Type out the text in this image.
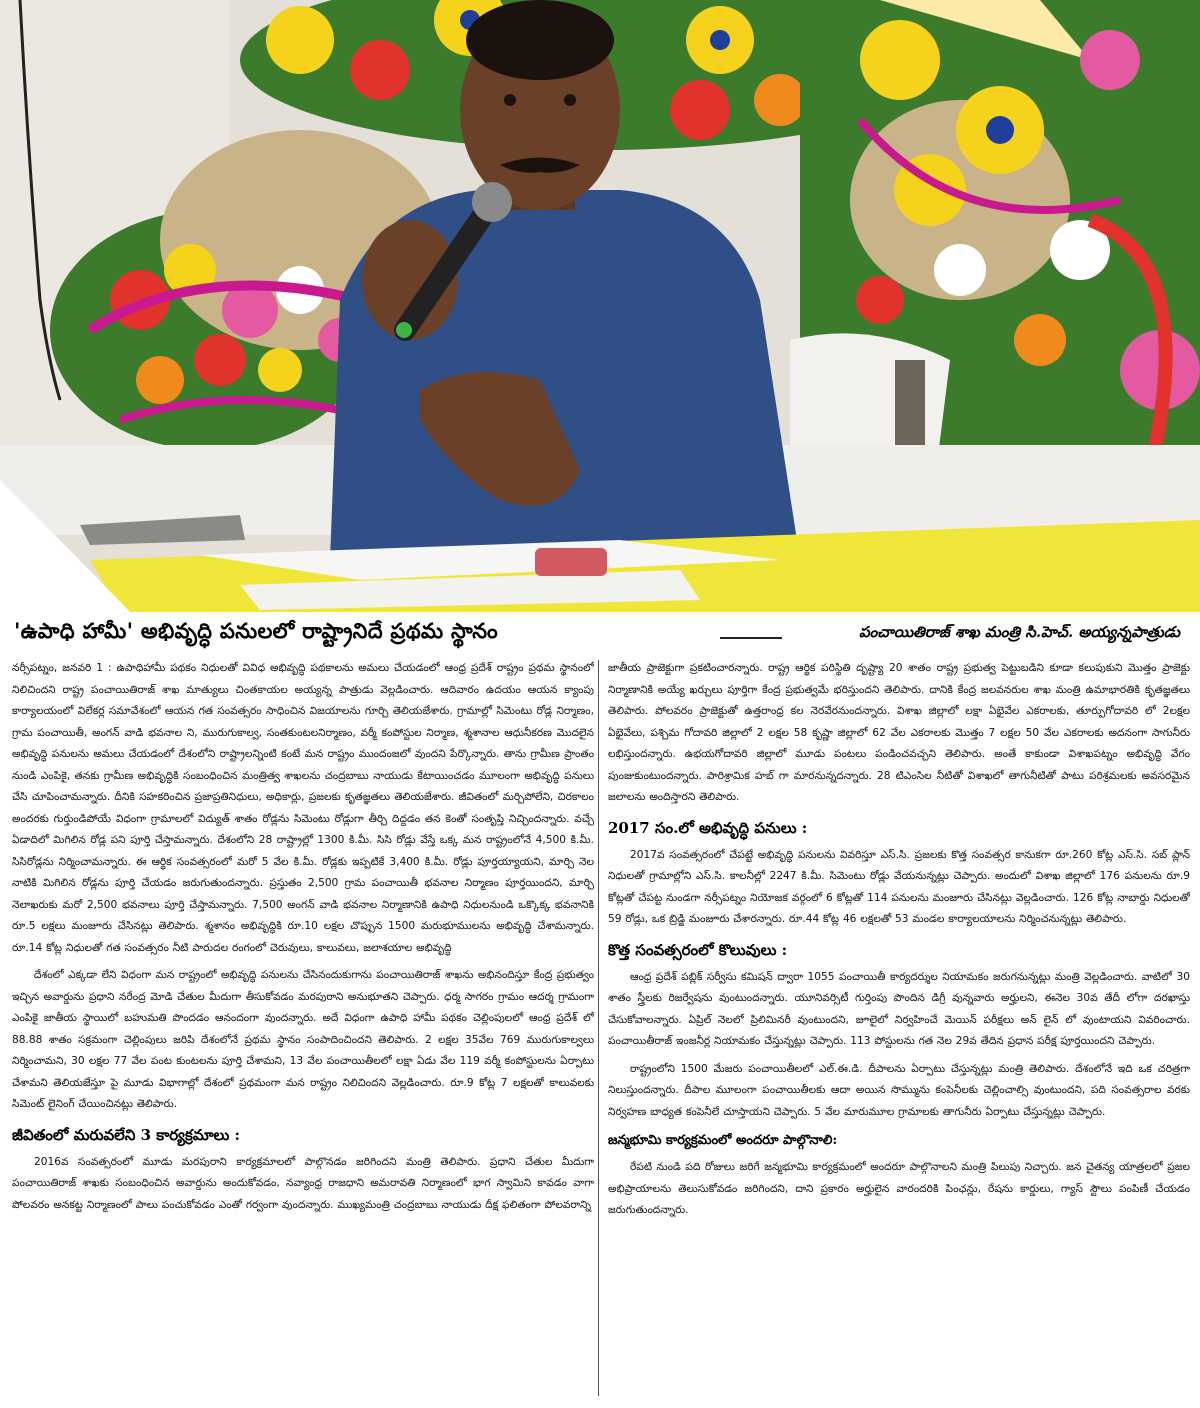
'ఉపాధి హామీ' అభివృద్ధి పనులలో రాష్ట్రానిదే ప్రథమ స్థానం	పంచాయితిరాజ్ శాఖ మంత్రి సి.హెచ్. అయ్యన్నపాత్రుడు

నర్సీపట్నం, జనవరి 1 : ఉపాధిహామీ పథకం నిధులతో వివిధ అభివృద్ధి పథకాలను అమలు చేయడంలో ఆంధ్ర ప్రదేశ్ రాష్ట్రం ప్రథమ స్థానంలో నిలిచిందని రాష్ట్ర పంచాయితిరాజ్ శాఖ మాత్యులు చింతకాయల అయ్యన్న పాత్రుడు వెల్లడించారు. ఆదివారం ఉదయం ఆయన క్యాంపు కార్యాలయంలో విలేకర్ల సమావేశంలో ఆయన గత సంవత్సరం సాధించిన విజయాలను గూర్చి తెలియజేశారు. గ్రామాల్లో సిమెంటు రోడ్ల నిర్మాణం, గ్రామ పంచాయితీ, అంగన్ వాడి భవనాల ని, మురుగుకాల్వ, సంతకుంటలనిర్మాణం, వర్మీ కంపోస్టుల నిర్మాణ, శ్మశానాల ఆధునీకరణ మొదలైన అభివృద్ధి పనులను అమలు చేయడంలో దేశంలోని రాష్ట్రాలన్నింటి కంటే మన రాష్ట్రం ముందంజలో వుందని పేర్కొన్నారు. తాను గ్రామీణ ప్రాంతం నుండి ఎంపికై, తనకు గ్రామీణ అభివృద్ధికి సంబంధించిన మంత్రిత్వ శాఖలను చంద్రబాబు నాయుడు కేటాయించడం మూలంగా అభివృద్ధి పనులు చేసి చూపించామన్నారు. దీనికి సహకరించిన ప్రజాప్రతినిధులు, అధికార్లు, ప్రజలకు కృతజ్ఞతలు తెలియజేశారు. జీవితంలో మర్చిపోలేని, చిరకాలం అందరకు గుర్తుండిపోయే విధంగా గ్రామాలలో విద్యుత్ శాతం రోడ్లను సిమెంటు రోడ్లుగా తీర్చి దిద్దడం తన కెంతో సంతృప్తి నిచ్చిందన్నారు. వచ్చే ఏడాదిలో మిగిలిన రోడ్ల పని పూర్తి చేస్తామన్నారు. దేశంలోని 28 రాష్ట్రాల్లో 1300 కి.మీ. సిసి రోడ్లు వేస్తే ఒక్క మన రాష్ట్రంలోనే 4,500 కి.మీ. సిసిరోడ్లను నిర్మించామన్నారు. ఈ ఆర్థిక సంవత్సరంలో మరో 5 వేల కి.మీ. రోడ్లకు ఇప్పటికే 3,400 కి.మీ. రోడ్లు పూర్తయ్యాయని, మార్చి నెల నాటికి మిగిలిన రోడ్లను పూర్తి చేయడం జరుగుతుందన్నారు. ప్రస్తుతం 2,500 గ్రామ పంచాయితీ భవనాల నిర్మాణం పూర్తయిందని, మార్చి నెలాఖరుకు మరో 2,500 భవనాలు పూర్తి చేస్తామన్నారు. 7,500 అంగన్ వాడి భవనాల నిర్మాణానికి ఉపాధి నిధులనుండి ఒక్కొక్క భవనానికి రూ.5 లక్షలు మంజూరు చేసినట్లు తెలిపారు. శ్మశానం అభివృద్ధికి రూ.10 లక్షల చొప్పున 1500 మరుభూములను అభివృద్ధి చేశామన్నారు. రూ.14 కోట్ల నిధులతో గత సంవత్సరం నీటి పారుదల రంగంలో చెరువులు, కాలువలు, జలాశయాల అభివృద్ధి

దేశంలో ఎక్కడా లేని విధంగా మన రాష్ట్రంలో అభివృద్ధి పనులను చేసినందుకుగాను పంచాయితిరాజ్ శాఖను అభినందిస్తూ కేంద్ర ప్రభుత్వం ఇచ్చిన అవార్డును ప్రధాని నరేంద్ర మోడి చేతుల మీదుగా తీసుకోవడం మరపురాని అనుభూతని చెప్పారు. ధర్మ సాగరం గ్రామం ఆదర్శ గ్రామంగా ఎంపికై జాతీయ స్థాయిలో బహుమతి పొందడం ఆనందంగా వుందన్నారు. అదే విధంగా ఉపాధి హామీ పథకం చెల్లింపులలో ఆంధ్ర ప్రదేశ్ లో 88.88 శాతం సక్రమంగా చెల్లింపులు జరిపి దేశంలోనే ప్రథమ స్థానం సంపాదించిందని తెలిపారు. 2 లక్షల 35వేల 769 మురుగుకాల్వలు నిర్మించామని, 30 లక్షల 77 వేల పంట కుంటలను పూర్తి చేశామని, 13 వేల పంచాయితీలలో లక్షా ఏడు వేల 119 వర్మీ కంపోస్టులను ఏర్పాటు చేశామని తెలియజేస్తూ పై మూడు విభాగాల్లో దేశంలో ప్రథమంగా మన రాష్ట్రం నిలిచిందని వెల్లడించారు. రూ.9 కోట్ల 7 లక్షలతో కాలువలకు సిమెంట్ లైనింగ్ చేయించినట్లు తెలిపారు.

జీవితంలో మరువలేని 3 కార్యక్రమాలు :

2016వ సంవత్సరంలో మూడు మరపురాని కార్యక్రమాలలో పాల్గొనడం జరిగిందని మంత్రి తెలిపారు. ప్రధాని చేతుల మీదుగా పంచాయితిరాజ్ శాఖకు సంబంధించిన అవార్డును అందుకోవడం, నవ్యాంధ్ర రాజధాని అమరావతి నిర్మాణంలో భాగ స్వామిని కావడం వాగా పోలవరం అనకట్ట నిర్మాణంలో పాలు పంచుకోవడం ఎంతో గర్వంగా వుందన్నారు. ముఖ్యమంత్రి చంద్రబాబు నాయుడు దీక్ష ఫలితంగా పోలవరాన్ని

జాతీయ ప్రాజెక్టుగా ప్రకటించారన్నారు. రాష్ట్ర ఆర్థిక పరిస్థితి దృష్ట్యా 20 శాతం రాష్ట్ర ప్రభుత్వ పెట్టుబడిని కూడా కలుపుకుని మొత్తం ప్రాజెక్టు నిర్మాణానికి అయ్యే ఖర్చులు పూర్తిగా కేంద్ర ప్రభుత్వమే భరిస్తుందని తెలిపారు. దానికి కేంద్ర జలవనరుల శాఖ మంత్రి ఉమాభారతికి కృతజ్ఞతలు తెలిపారు. పోలవరం ప్రాజెక్టుతో ఉత్తరాంధ్ర కల నెరవేరనుందన్నారు. విశాఖ జిల్లాలో లక్షా ఏభైవేల ఎకరాలకు, తూర్పుగోదావరి లో 2లక్షల ఏభైవేలు, పశ్చిమ గోదావరి జిల్లాలో 2 లక్షల 58 కృష్ణా జిల్లాలో 62 వేల ఎకరాలకు మొత్తం 7 లక్షల 50 వేల ఎకరాలకు అదనంగా సాగునీరు లభిస్తుందన్నారు. ఉభయగోదావరి జిల్లాలో మూడు పంటలు పండించవచ్చని తెలిపారు. అంతే కాకుండా విశాఖపట్నం అభివృద్ధి వేగం పుంజుకుంటుందన్నారు. పారిశ్రామిక హబ్ గా మారనున్నదన్నారు. 28 టిఎంసిల నీటితో విశాఖలో తాగునీటితో పాటు పరిశ్రమలకు అవసరమైన జలాలను అందిస్తారని తెలిపారు.

2017 సం.లో అభివృద్ధి పనులు :

2017వ సంవత్సరంలో చేపట్టే అభివృద్ధి పనులను వివరిస్తూ ఎస్.సి. ప్రజలకు కొత్త సంవత్సర కానుకగా రూ.260 కోట్ల ఎస్.సి. సబ్ ప్లాన్ నిధులతో గ్రామాల్లోని ఎస్.సి. కాలనీల్లో 2247 కి.మీ. సిమెంటు రోడ్లు వేయనున్నట్లు చెప్పారు. అందులో విశాఖ జిల్లాలో 176 పనులను రూ.9 కోట్లతో చేపట్ట నుండగా నర్సీపట్నం నియోజక వర్గంలో 6 కోట్లతో 114 పనులను మంజూరు చేసినట్లు వెల్లడించారు. 126 కోట్ల నాబార్డు నిధులతో 59 రోడ్లు, ఒక బ్రిడ్జి మంజూరు చేశారన్నారు. రూ.44 కోట్ల 46 లక్షలతో 53 మండల కార్యాలయాలను నిర్మించనున్నట్లు తెలిపారు.

కొత్త సంవత్సరంలో కొలువులు :

ఆంధ్ర ప్రదేశ్ పబ్లిక్ సర్వీసు కమిషన్ ద్వారా 1055 పంచాయితీ కార్యదర్శుల నియామకం జరుగనున్నట్లు మంత్రి వెల్లడించారు. వాటిలో 30 శాతం స్త్రీలకు రిజర్వేషను వుంటుందన్నారు. యూనివర్సిటీ గుర్తింపు పొందిన డిగ్రీ వున్నవారు అర్హులని, ఈనెల 30వ తేదీ లోగా దరఖాస్తు చేసుకోవాలన్నారు. ఏప్రిల్ నెలలో ప్రిలిమినరీ వుంటుందని, జూలైలో నిర్వహించే మెయిన్ పరీక్షలు అన్ లైన్ లో వుంటాయని వివరించారు. పంచాయితీరాజ్ ఇంజనీర్ల నియామకం చేస్తున్నట్లు చెప్పారు. 113 పోస్టులను గత నెల 29వ తేదిన ప్రధాన పరీక్ష పూర్తయిందని చెప్పారు.

రాష్ట్రంలోని 1500 మేజరు పంచాయితీలలో ఎల్.ఈ.డి. దీపాలను ఏర్పాటు చేస్తున్నట్లు మంత్రి తెలిపారు. దేశంలోనే ఇది ఒక చరిత్రగా నిలుస్తుందన్నారు. దీపాల మూలంగా పంచాయితీలకు ఆదా అయిన సొమ్మును కంపెనీలకు చెల్లించాల్సి వుంటుందని, పది సంవత్సరాల వరకు నిర్వహణ బాధ్యత కంపెనీలే చూస్తాయని చెప్పారు. 5 వేల మారుమూల గ్రామాలకు తాగునీరు ఏర్పాటు చేస్తున్నట్లు చెప్పారు.

జన్మభూమి కార్యక్రమంలో అందరూ పాల్గొనాలి:

రేపటి నుండి పది రోజులు జరిగే జన్మభూమి కార్యక్రమంలో అందరూ పాల్గొనాలని మంత్రి పిలుపు నిచ్చారు. జన చైతన్య యాత్రలలో ప్రజల అభిప్రాయాలను తెలుసుకోవడం జరిగిందని, దాని ప్రకారం అర్హులైన వారందరికి పింఛన్లు, రేషను కార్డులు, గ్యాస్ స్టౌలు పంపిణీ చేయడం జరుగుతుందన్నారు.
